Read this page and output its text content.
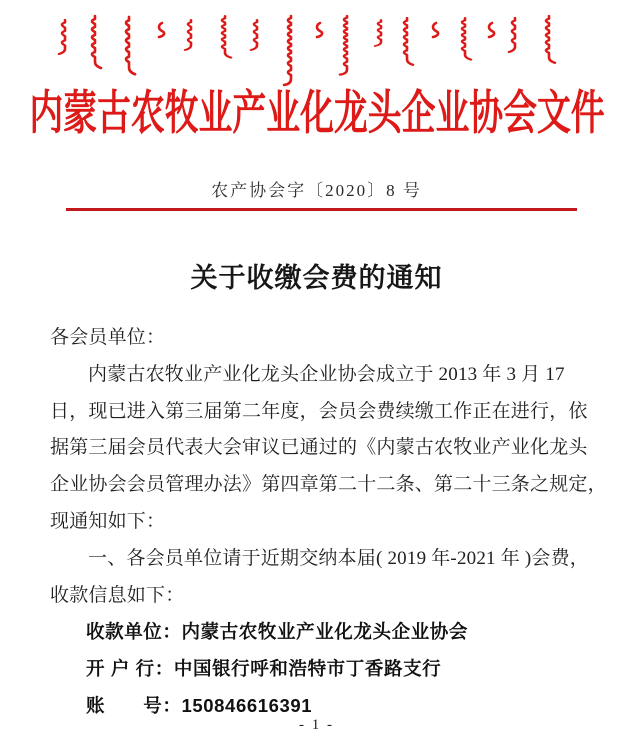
内蒙古农牧业产业化龙头企业协会文件
农产协会字〔2020〕8 号
关于收缴会费的通知
各会员单位：
内蒙古农牧业产业化龙头企业协会成立于 2013 年 3 月 17
日，现已进入第三届第二年度，会员会费续缴工作正在进行，依
据第三届会员代表大会审议已通过的《内蒙古农牧业产业化龙头
企业协会会员管理办法》第四章第二十二条、第二十三条之规定，
现通知如下：
一、各会员单位请于近期交纳本届( 2019 年-2021 年 )会费，
收款信息如下：
收款单位：内蒙古农牧业产业化龙头企业协会
开 户 行：中国银行呼和浩特市丁香路支行
账　　号：150846616391
- 1 -
